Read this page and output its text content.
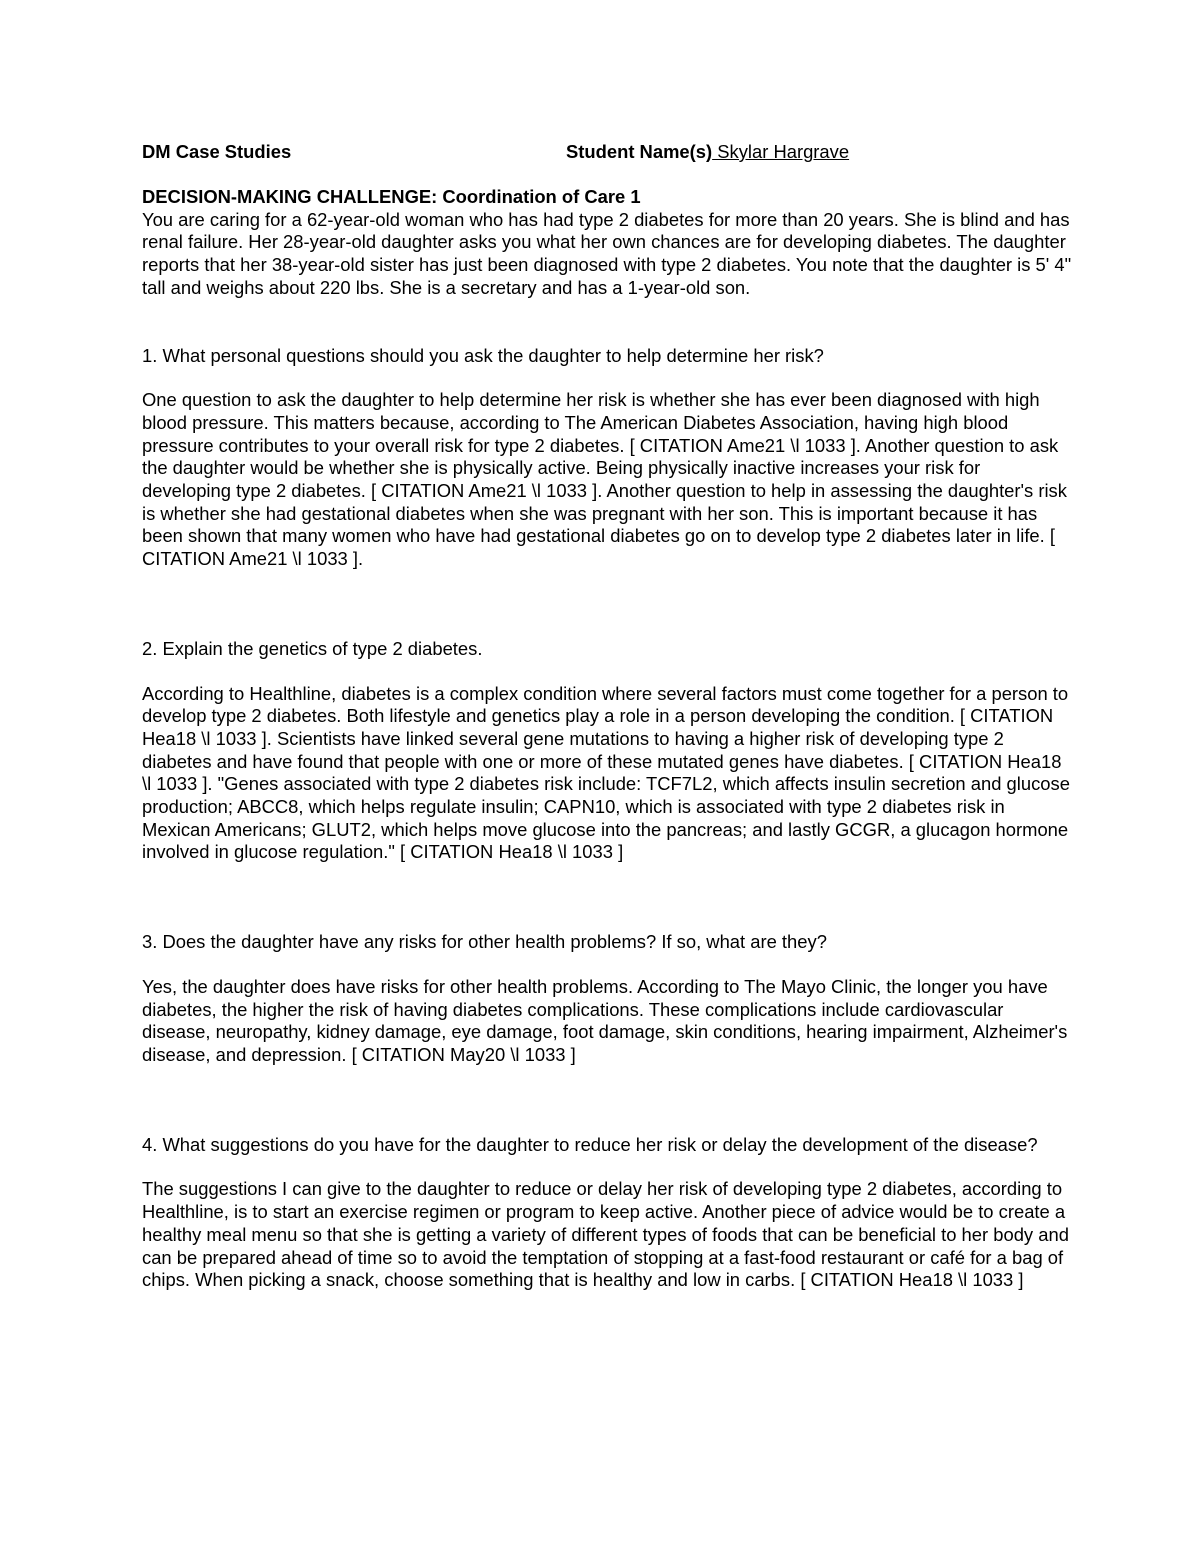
DM Case Studies	Student Name(s) Skylar Hargrave

DECISION-MAKING CHALLENGE: Coordination of Care 1

You are caring for a 62-year-old woman who has had type 2 diabetes for more than 20 years. She is blind and has renal failure. Her 28-year-old daughter asks you what her own chances are for developing diabetes. The daughter reports that her 38-year-old sister has just been diagnosed with type 2 diabetes. You note that the daughter is 5' 4" tall and weighs about 220 lbs. She is a secretary and has a 1-year-old son.

1. What personal questions should you ask the daughter to help determine her risk?

One question to ask the daughter to help determine her risk is whether she has ever been diagnosed with high blood pressure. This matters because, according to The American Diabetes Association, having high blood pressure contributes to your overall risk for type 2 diabetes. [ CITATION Ame21 \l 1033 ]. Another question to ask the daughter would be whether she is physically active. Being physically inactive increases your risk for developing type 2 diabetes. [ CITATION Ame21 \l 1033 ]. Another question to help in assessing the daughter's risk is whether she had gestational diabetes when she was pregnant with her son. This is important because it has been shown that many women who have had gestational diabetes go on to develop type 2 diabetes later in life. [ CITATION Ame21 \l 1033 ].

2. Explain the genetics of type 2 diabetes.

According to Healthline, diabetes is a complex condition where several factors must come together for a person to develop type 2 diabetes. Both lifestyle and genetics play a role in a person developing the condition. [ CITATION Hea18 \l 1033 ]. Scientists have linked several gene mutations to having a higher risk of developing type 2 diabetes and have found that people with one or more of these mutated genes have diabetes. [ CITATION Hea18 \l 1033 ]. "Genes associated with type 2 diabetes risk include: TCF7L2, which affects insulin secretion and glucose production; ABCC8, which helps regulate insulin; CAPN10, which is associated with type 2 diabetes risk in Mexican Americans; GLUT2, which helps move glucose into the pancreas; and lastly GCGR, a glucagon hormone involved in glucose regulation." [ CITATION Hea18 \l 1033 ]

3. Does the daughter have any risks for other health problems? If so, what are they?

Yes, the daughter does have risks for other health problems. According to The Mayo Clinic, the longer you have diabetes, the higher the risk of having diabetes complications. These complications include cardiovascular disease, neuropathy, kidney damage, eye damage, foot damage, skin conditions, hearing impairment, Alzheimer's disease, and depression. [ CITATION May20 \l 1033 ]

4. What suggestions do you have for the daughter to reduce her risk or delay the development of the disease?

The suggestions I can give to the daughter to reduce or delay her risk of developing type 2 diabetes, according to Healthline, is to start an exercise regimen or program to keep active. Another piece of advice would be to create a healthy meal menu so that she is getting a variety of different types of foods that can be beneficial to her body and can be prepared ahead of time so to avoid the temptation of stopping at a fast-food restaurant or café for a bag of chips. When picking a snack, choose something that is healthy and low in carbs. [ CITATION Hea18 \l 1033 ]
